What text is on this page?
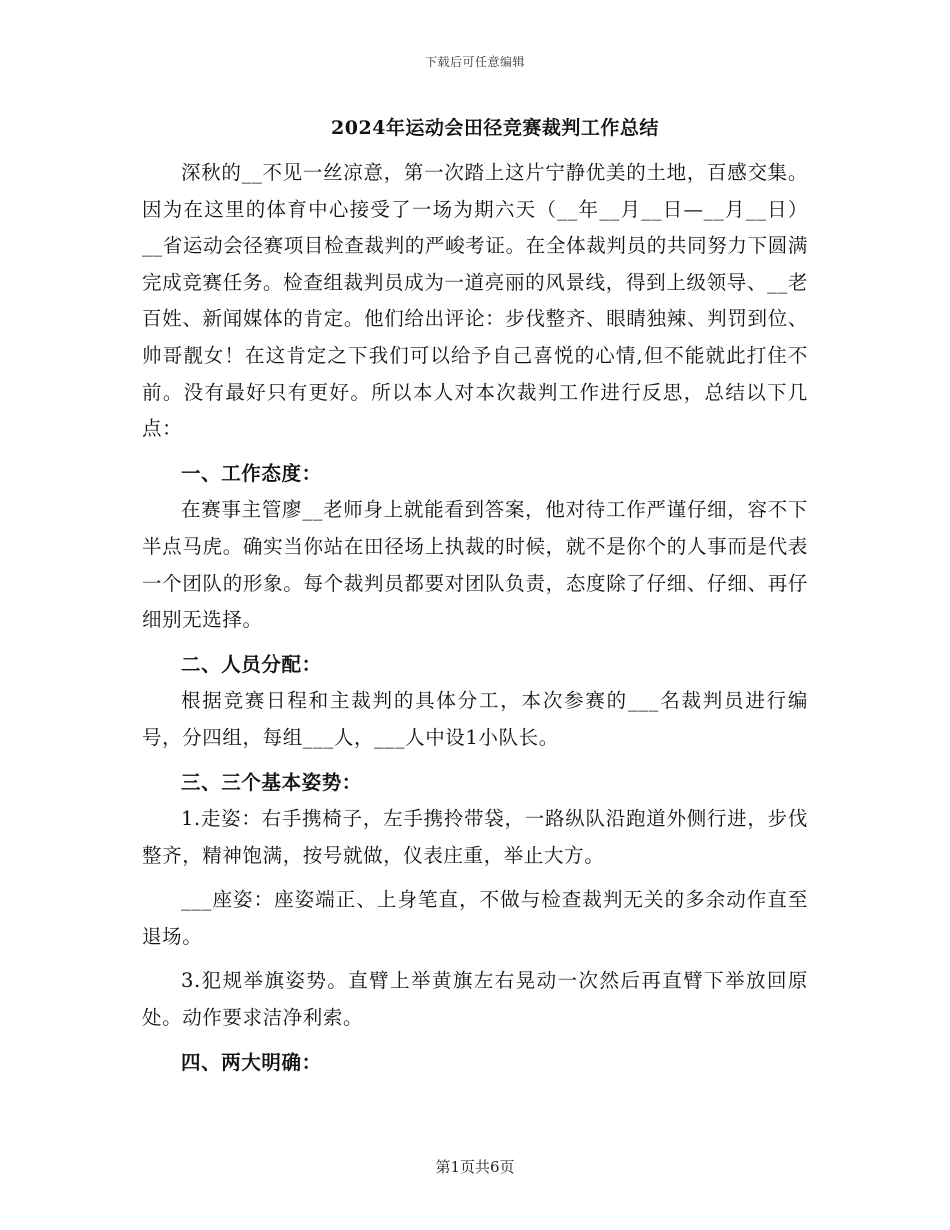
下载后可任意编辑
2024年运动会田径竞赛裁判工作总结

深秋的__不见一丝凉意，第一次踏上这片宁静优美的土地，百感交集。因为在这里的体育中心接受了一场为期六天（__年__月__日—__月__日）__省运动会径赛项目检查裁判的严峻考证。在全体裁判员的共同努力下圆满完成竞赛任务。检查组裁判员成为一道亮丽的风景线，得到上级领导、__老百姓、新闻媒体的肯定。他们给出评论：步伐整齐、眼睛独辣、判罚到位、帅哥靓女！在这肯定之下我们可以给予自己喜悦的心情,但不能就此打住不前。没有最好只有更好。所以本人对本次裁判工作进行反思，总结以下几点：

一、工作态度：

在赛事主管廖__老师身上就能看到答案，他对待工作严谨仔细，容不下半点马虎。确实当你站在田径场上执裁的时候，就不是你个的人事而是代表一个团队的形象。每个裁判员都要对团队负责，态度除了仔细、仔细、再仔细别无选择。

二、人员分配：

根据竞赛日程和主裁判的具体分工，本次参赛的___名裁判员进行编号，分四组，每组___人，___人中设1小队长。

三、三个基本姿势：

1.走姿：右手携椅子，左手携拎带袋，一路纵队沿跑道外侧行进，步伐整齐，精神饱满，按号就做，仪表庄重，举止大方。

___座姿：座姿端正、上身笔直，不做与检查裁判无关的多余动作直至退场。

3.犯规举旗姿势。直臂上举黄旗左右晃动一次然后再直臂下举放回原处。动作要求洁净利索。

四、两大明确：
第1页共6页
